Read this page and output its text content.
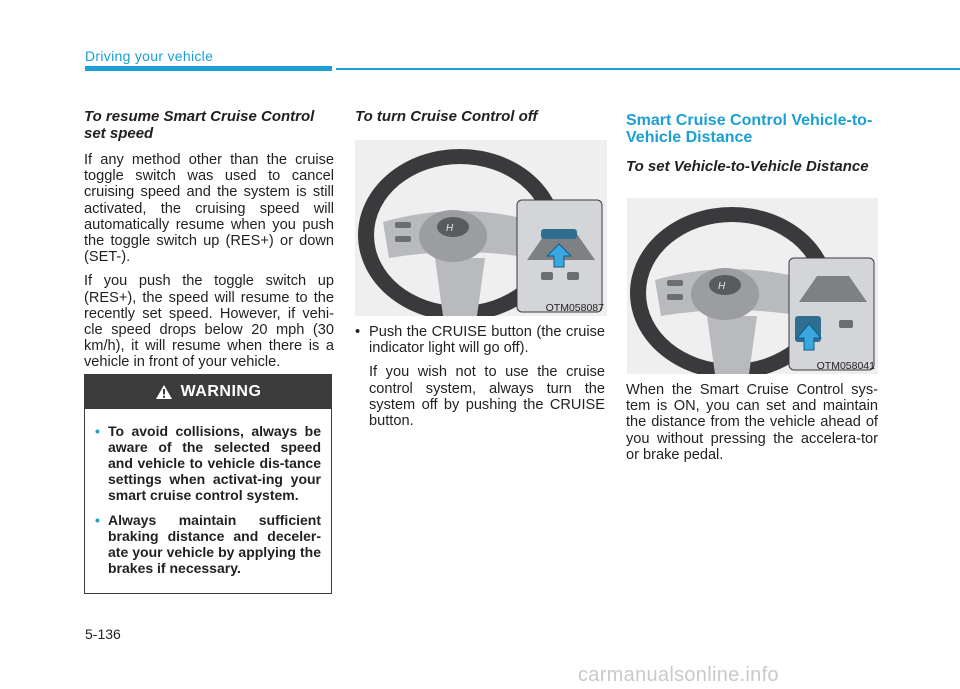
Driving your vehicle
To resume Smart Cruise Control set speed

If any method other than the cruise toggle switch was used to cancel cruising speed and the system is still activated, the cruising speed will automatically resume when you push the toggle switch up (RES+) or down (SET-).

If you push the toggle switch up (RES+), the speed will resume to the recently set speed. However, if vehi-cle speed drops below 20 mph (30 km/h), it will resume when there is a vehicle in front of your vehicle.

WARNING
• To avoid collisions, always be aware of the selected speed and vehicle to vehicle dis-tance settings when activat-ing your smart cruise control system.
• Always maintain sufficient braking distance and deceler-ate your vehicle by applying the brakes if necessary.
To turn Cruise Control off
H
OTM058087
• Push the CRUISE button (the cruise indicator light will go off).

If you wish not to use the cruise control system, always turn the system off by pushing the CRUISE button.

Smart Cruise Control Vehicle-to-Vehicle Distance
To set Vehicle-to-Vehicle Distance
H
OTM058041

When the Smart Cruise Control sys-tem is ON, you can set and maintain the distance from the vehicle ahead of you without pressing the accelera-tor or brake pedal.

5-136
carmanualsonline.info
